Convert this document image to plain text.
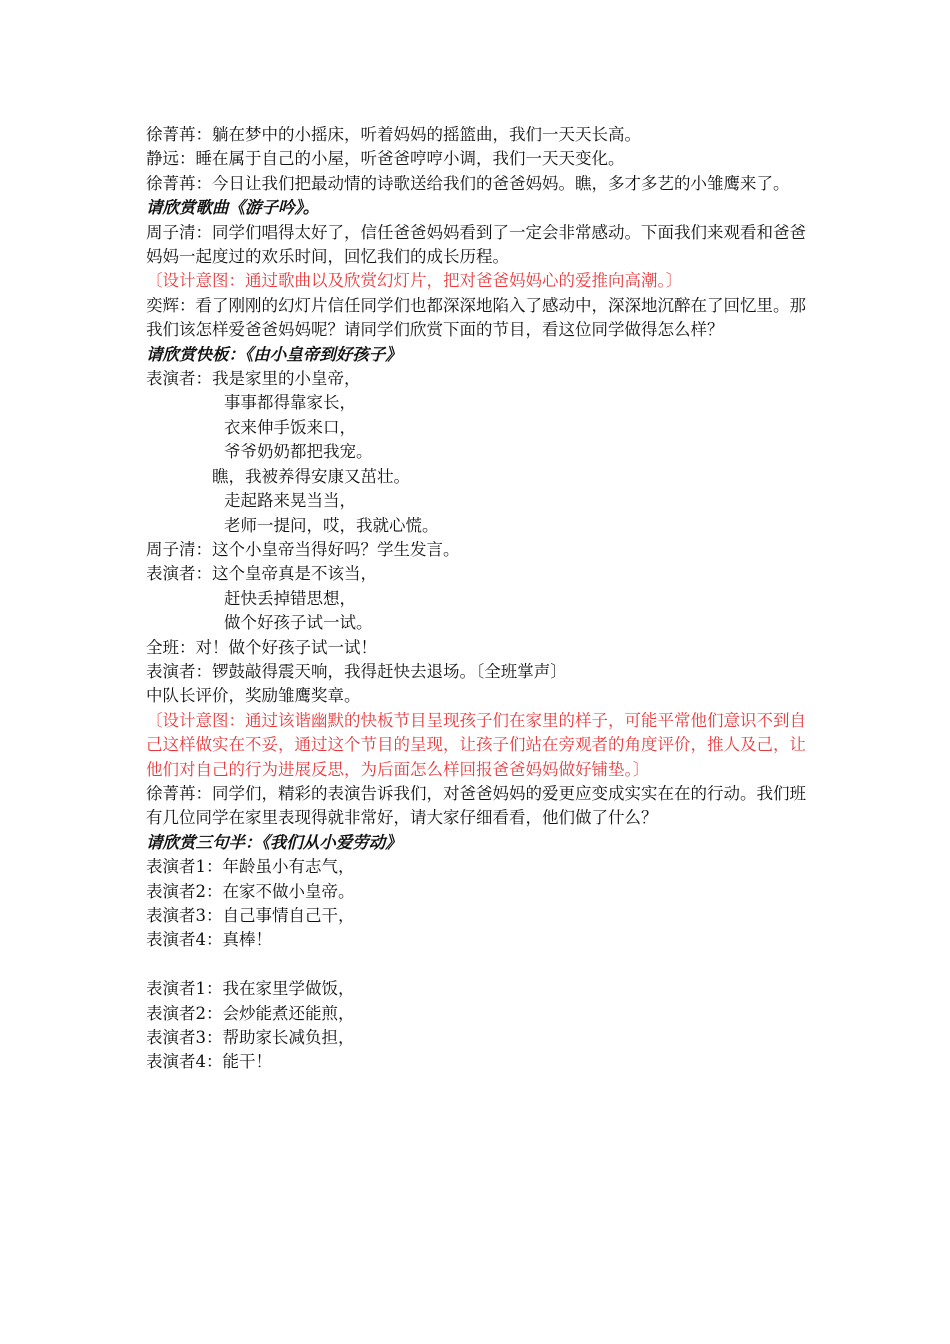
徐菁苒：躺在梦中的小摇床，听着妈妈的摇篮曲，我们一天天长高。
静远：睡在属于自己的小屋，听爸爸哼哼小调，我们一天天变化。
徐菁苒：今日让我们把最动情的诗歌送给我们的爸爸妈妈。瞧，多才多艺的小雏鹰来了。
请欣赏歌曲《游子吟》。
周子清：同学们唱得太好了，信任爸爸妈妈看到了一定会非常感动。下面我们来观看和爸爸妈妈一起度过的欢乐时间，回忆我们的成长历程。
〔设计意图：通过歌曲以及欣赏幻灯片，把对爸爸妈妈心的爱推向高潮。〕
奕辉：看了刚刚的幻灯片信任同学们也都深深地陷入了感动中，深深地沉醉在了回忆里。那我们该怎样爱爸爸妈妈呢？请同学们欣赏下面的节目，看这位同学做得怎么样？
请欣赏快板：《由小皇帝到好孩子》
表演者：我是家里的小皇帝，
事事都得靠家长，
衣来伸手饭来口，
爷爷奶奶都把我宠。
瞧，我被养得安康又茁壮。
走起路来晃当当，
老师一提问，哎，我就心慌。
周子清：这个小皇帝当得好吗？学生发言。
表演者：这个皇帝真是不该当，
赶快丢掉错思想，
做个好孩子试一试。
全班：对！做个好孩子试一试！
表演者：锣鼓敲得震天响，我得赶快去退场。〔全班掌声〕
中队长评价，奖励雏鹰奖章。
〔设计意图：通过该谐幽默的快板节目呈现孩子们在家里的样子，可能平常他们意识不到自己这样做实在不妥，通过这个节目的呈现，让孩子们站在旁观者的角度评价，推人及己，让他们对自己的行为进展反思，为后面怎么样回报爸爸妈妈做好铺垫。〕
徐菁苒：同学们，精彩的表演告诉我们，对爸爸妈妈的爱更应变成实实在在的行动。我们班有几位同学在家里表现得就非常好，请大家仔细看看，他们做了什么？
请欣赏三句半：《我们从小爱劳动》
表演者1：年龄虽小有志气，
表演者2：在家不做小皇帝。
表演者3：自己事情自己干，
表演者4：真棒！
表演者1：我在家里学做饭，
表演者2：会炒能煮还能煎，
表演者3：帮助家长减负担，
表演者4：能干！
